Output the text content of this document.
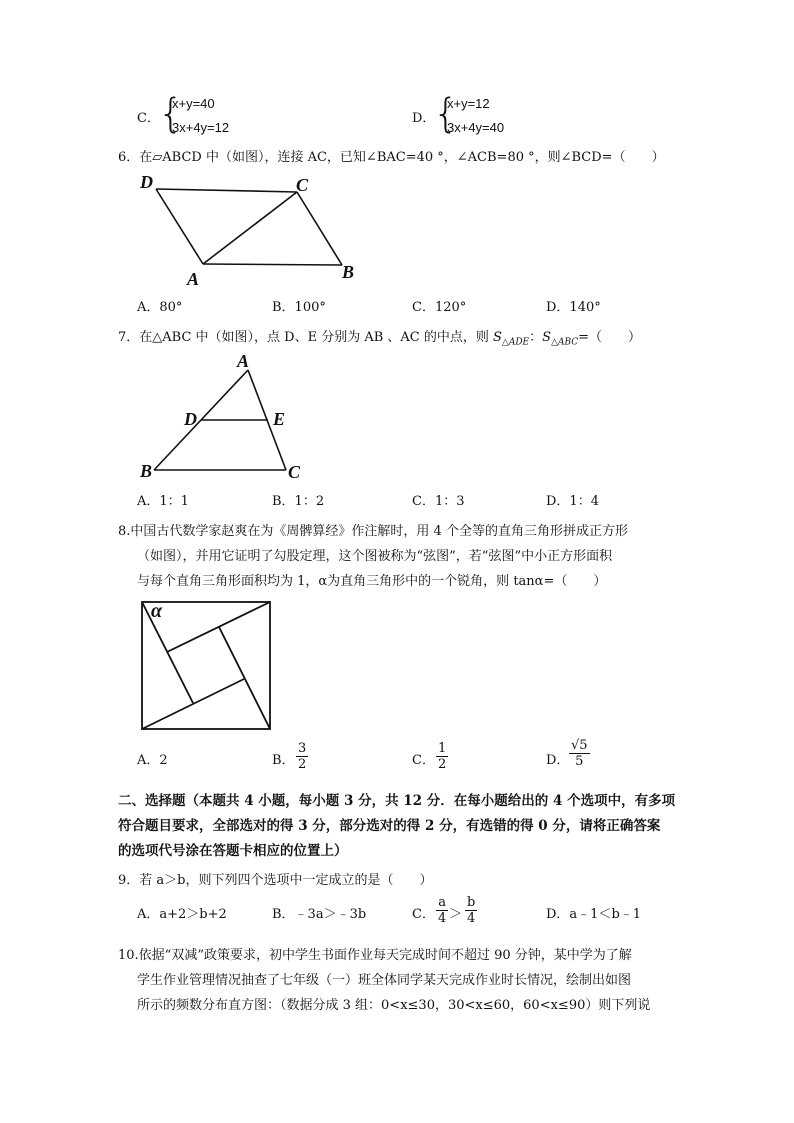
C．
{
x+y=40
3x+4y=12
D．
{
x+y=12
3x+4y=40
6．在▱ABCD 中（如图），连接 AC，已知∠BAC=40 °，∠ACB=80 °，则∠BCD=（　　）
D	C
A	B
A．80°	B．100°	C．120°	D．140°
7．在△ABC 中（如图），点 D、E 分别为 AB 、AC 的中点，则 $S_{\triangle ADE}$：$S_{\triangle ABC}=$（　　）
A
D	E
B	C
A．1：1	B．1：2	C．1：3	D．1：4
8.中国古代数学家赵爽在为《周髀算经》作注解时，用 4 个全等的直角三角形拼成正方形
（如图），并用它证明了勾股定理，这个图被称为“弦图”，若“弦图”中小正方形面积
与每个直角三角形面积均为 1，α为直角三角形中的一个锐角，则 tanα=（　　）
α
A．2	B．
3
2	C．
1
2	D．
√5
5
二、选择题（本题共 4 小题，每小题 3 分，共 12 分．在每小题给出的 4 个选项中，有多项
符合题目要求，全部选对的得 3 分，部分选对的得 2 分，有选错的得 0 分，请将正确答案
的选项代号涂在答题卡相应的位置上）
9．若 a＞b，则下列四个选项中一定成立的是（　　）
A．a+2＞b+2	B．﹣3a＞﹣3b	C．
a
4 ＞
b
4	D．a﹣1＜b﹣1
10.依据“双减”政策要求，初中学生书面作业每天完成时间不超过 90 分钟，某中学为了解
学生作业管理情况抽查了七年级（一）班全体同学某天完成作业时长情况，绘制出如图
所示的频数分布直方图：（数据分成 3 组：0<x≤30，30<x≤60，60<x≤90）则下列说
